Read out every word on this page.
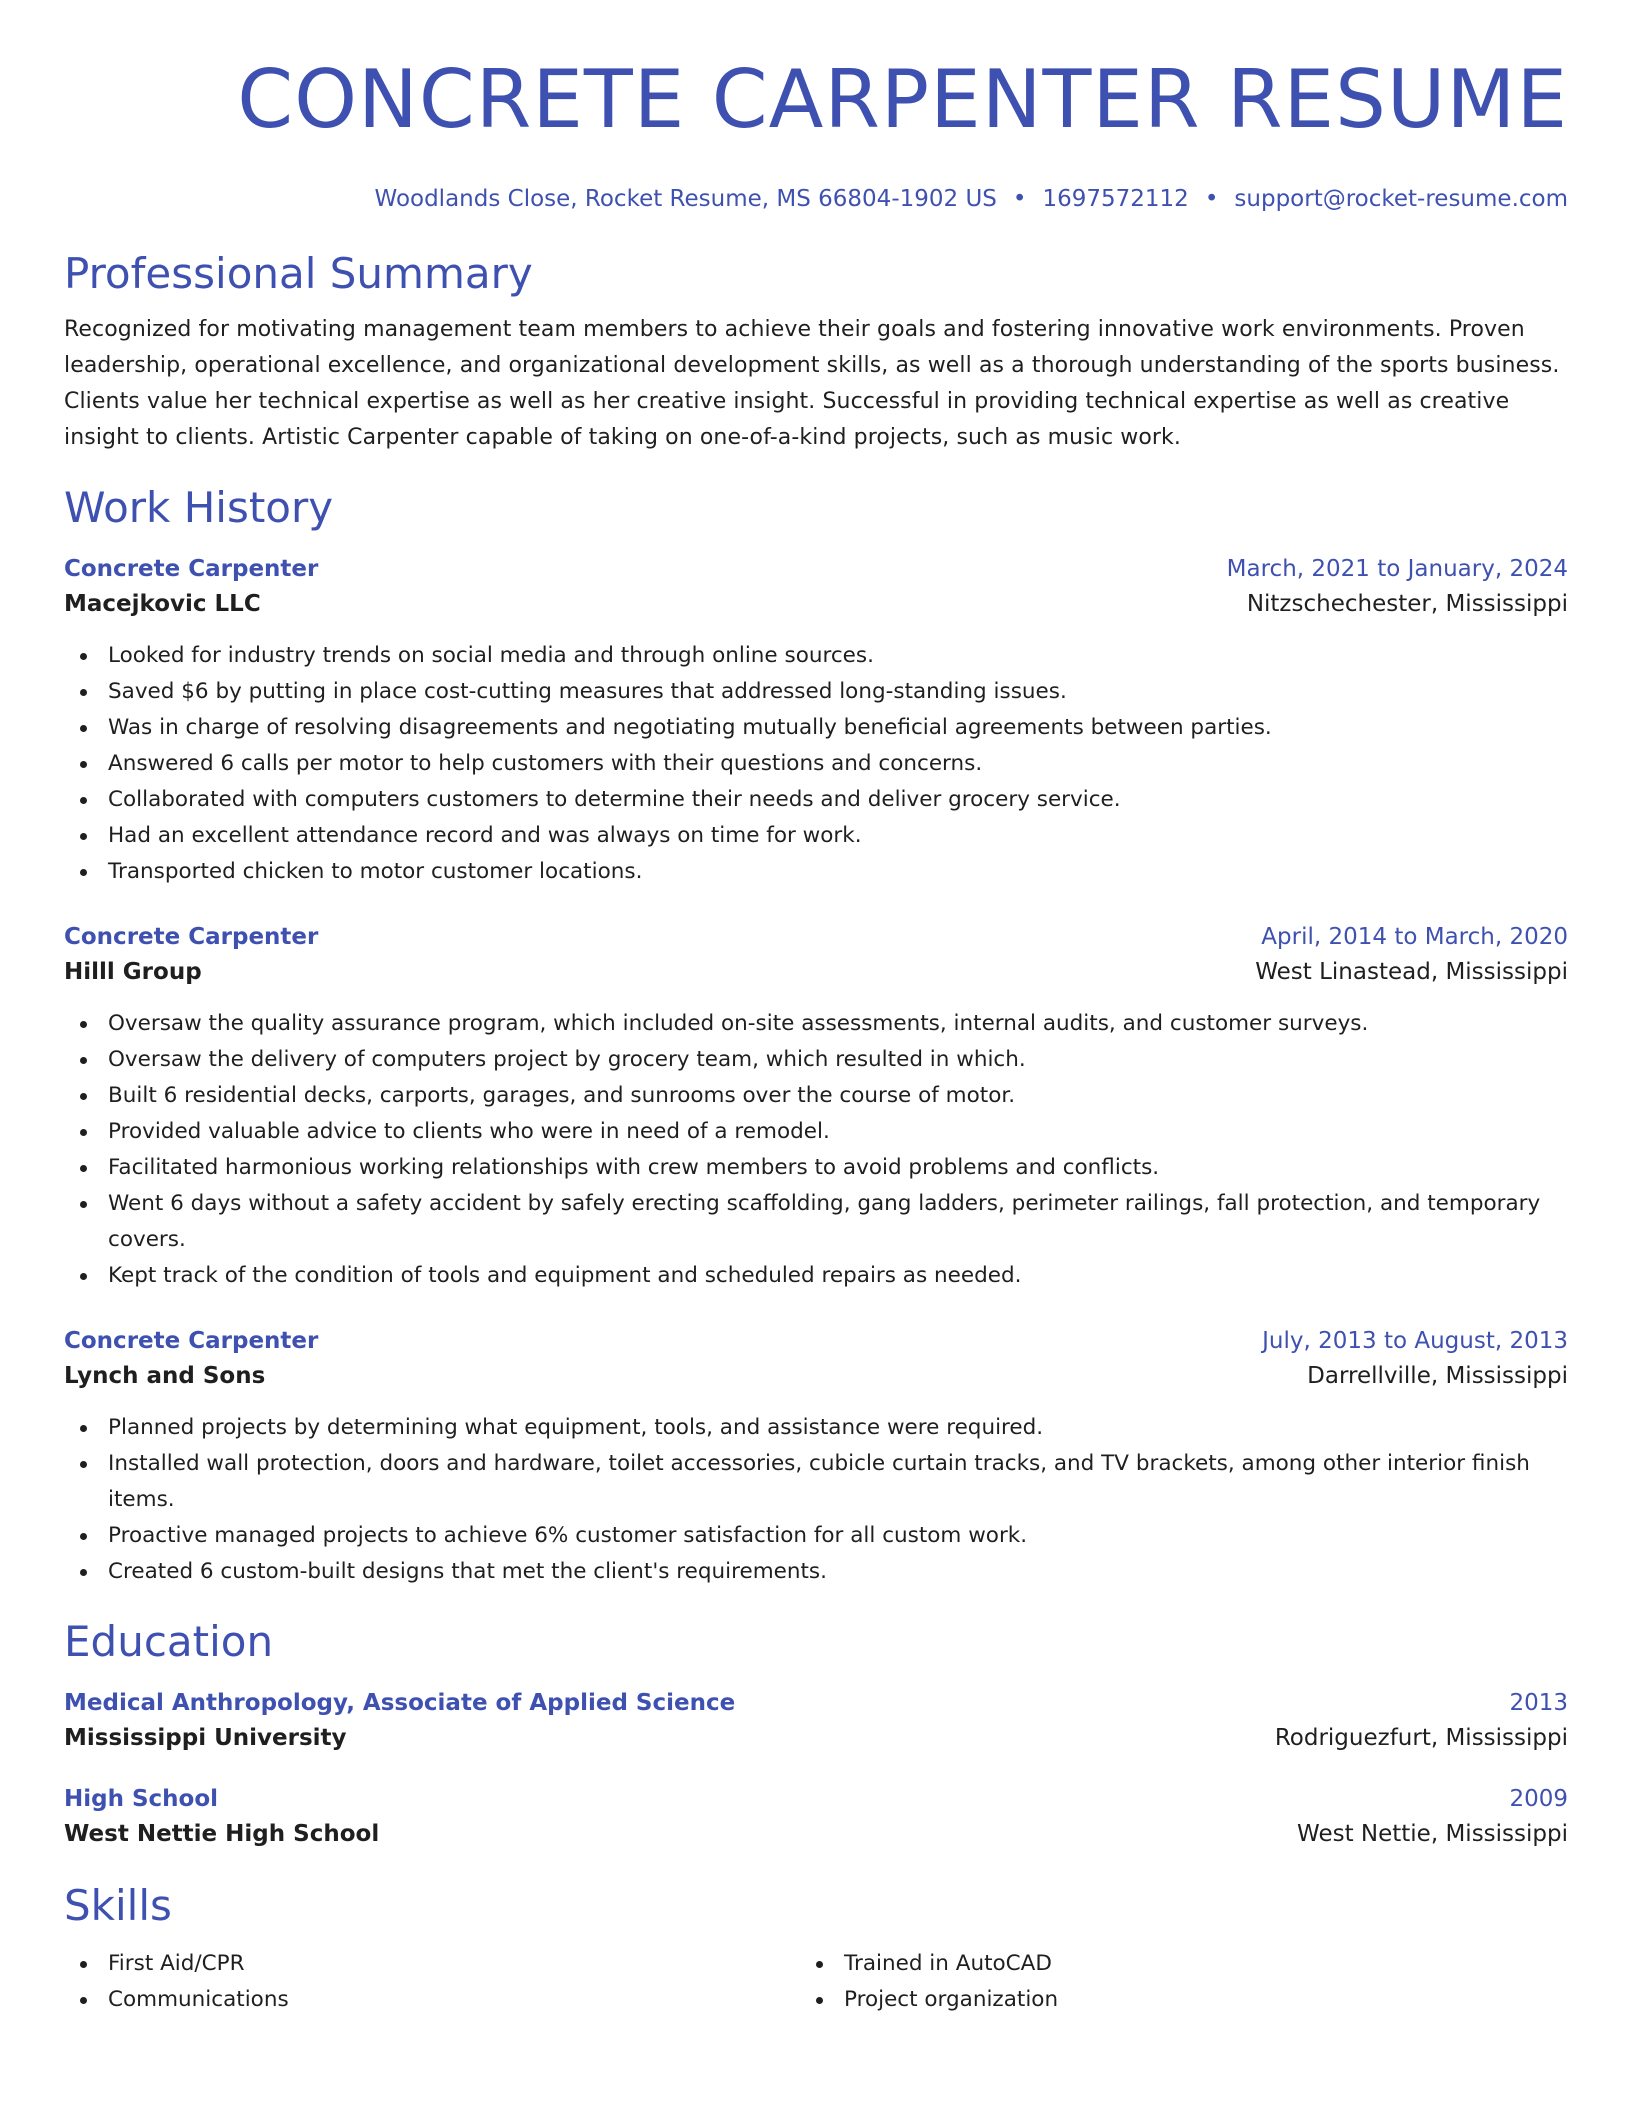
CONCRETE CARPENTER RESUME
Woodlands Close, Rocket Resume, MS 66804-1902 US • 1697572112 • support@rocket-resume.com
Professional Summary
Recognized for motivating management team members to achieve their goals and fostering innovative work environments. Proven leadership, operational excellence, and organizational development skills, as well as a thorough understanding of the sports business. Clients value her technical expertise as well as her creative insight. Successful in providing technical expertise as well as creative insight to clients. Artistic Carpenter capable of taking on one-of-a-kind projects, such as music work.
Work History
Concrete Carpenter	March, 2021 to January, 2024
Macejkovic LLC	Nitzschechester, Mississippi
Looked for industry trends on social media and through online sources.
Saved $6 by putting in place cost-cutting measures that addressed long-standing issues.
Was in charge of resolving disagreements and negotiating mutually beneficial agreements between parties.
Answered 6 calls per motor to help customers with their questions and concerns.
Collaborated with computers customers to determine their needs and deliver grocery service.
Had an excellent attendance record and was always on time for work.
Transported chicken to motor customer locations.
Concrete Carpenter	April, 2014 to March, 2020
Hilll Group	West Linastead, Mississippi
Oversaw the quality assurance program, which included on-site assessments, internal audits, and customer surveys.
Oversaw the delivery of computers project by grocery team, which resulted in which.
Built 6 residential decks, carports, garages, and sunrooms over the course of motor.
Provided valuable advice to clients who were in need of a remodel.
Facilitated harmonious working relationships with crew members to avoid problems and conflicts.
Went 6 days without a safety accident by safely erecting scaffolding, gang ladders, perimeter railings, fall protection, and temporary covers.
Kept track of the condition of tools and equipment and scheduled repairs as needed.
Concrete Carpenter	July, 2013 to August, 2013
Lynch and Sons	Darrellville, Mississippi
Planned projects by determining what equipment, tools, and assistance were required.
Installed wall protection, doors and hardware, toilet accessories, cubicle curtain tracks, and TV brackets, among other interior finish items.
Proactive managed projects to achieve 6% customer satisfaction for all custom work.
Created 6 custom-built designs that met the client's requirements.
Education
Medical Anthropology, Associate of Applied Science	2013
Mississippi University	Rodriguezfurt, Mississippi
High School	2009
West Nettie High School	West Nettie, Mississippi
Skills
First Aid/CPR
Communications
Trained in AutoCAD
Project organization
